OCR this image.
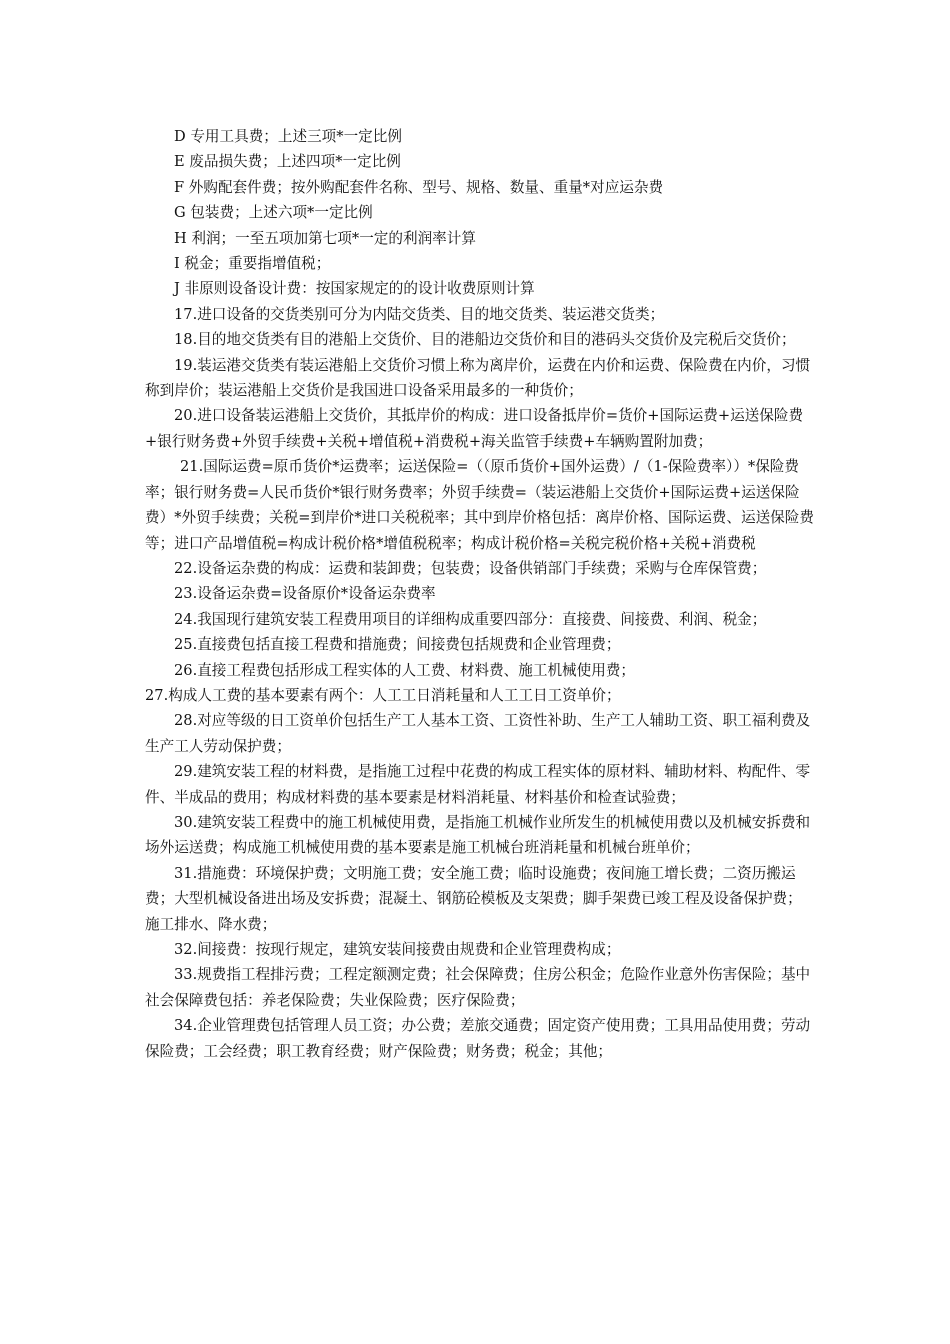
D 专用工具费；上述三项*一定比例

E 废品损失费；上述四项*一定比例

F 外购配套件费；按外购配套件名称、型号、规格、数量、重量*对应运杂费

G 包装费；上述六项*一定比例

H 利润；一至五项加第七项*一定的利润率计算

I 税金；重要指增值税；

J 非原则设备设计费：按国家规定的的设计收费原则计算

17.进口设备的交货类别可分为内陆交货类、目的地交货类、装运港交货类；

18.目的地交货类有目的港船上交货价、目的港船边交货价和目的港码头交货价及完税后交货价；

19.装运港交货类有装运港船上交货价习惯上称为离岸价，运费在内价和运费、保险费在内价，习惯称到岸价；装运港船上交货价是我国进口设备采用最多的一种货价；

20.进口设备装运港船上交货价，其抵岸价的构成：进口设备抵岸价=货价+国际运费+运送保险费+银行财务费+外贸手续费+关税+增值税+消费税+海关监管手续费+车辆购置附加费；

21.国际运费=原币货价*运费率；运送保险=（（原币货价+国外运费）/（1-保险费率））*保险费率；银行财务费=人民币货价*银行财务费率；外贸手续费=（装运港船上交货价+国际运费+运送保险费）*外贸手续费；关税=到岸价*进口关税税率；其中到岸价格包括：离岸价格、国际运费、运送保险费等；进口产品增值税=构成计税价格*增值税税率；构成计税价格=关税完税价格+关税+消费税

22.设备运杂费的构成：运费和装卸费；包装费；设备供销部门手续费；采购与仓库保管费；

23.设备运杂费=设备原价*设备运杂费率

24.我国现行建筑安装工程费用项目的详细构成重要四部分：直接费、间接费、利润、税金；

25.直接费包括直接工程费和措施费；间接费包括规费和企业管理费；

26.直接工程费包括形成工程实体的人工费、材料费、施工机械使用费；

27.构成人工费的基本要素有两个：人工工日消耗量和人工工日工资单价；

28.对应等级的日工资单价包括生产工人基本工资、工资性补助、生产工人辅助工资、职工福利费及生产工人劳动保护费；

29.建筑安装工程的材料费，是指施工过程中花费的构成工程实体的原材料、辅助材料、构配件、零件、半成品的费用；构成材料费的基本要素是材料消耗量、材料基价和检查试验费；

30.建筑安装工程费中的施工机械使用费，是指施工机械作业所发生的机械使用费以及机械安拆费和场外运送费；构成施工机械使用费的基本要素是施工机械台班消耗量和机械台班单价；

31.措施费：环境保护费；文明施工费；安全施工费；临时设施费；夜间施工增长费；二资历搬运费；大型机械设备进出场及安拆费；混凝土、钢筋砼模板及支架费；脚手架费已竣工程及设备保护费；施工排水、降水费；

32.间接费：按现行规定，建筑安装间接费由规费和企业管理费构成；

33.规费指工程排污费；工程定额测定费；社会保障费；住房公积金；危险作业意外伤害保险；基中社会保障费包括：养老保险费；失业保险费；医疗保险费；

34.企业管理费包括管理人员工资；办公费；差旅交通费；固定资产使用费；工具用品使用费；劳动保险费；工会经费；职工教育经费；财产保险费；财务费；税金；其他；
